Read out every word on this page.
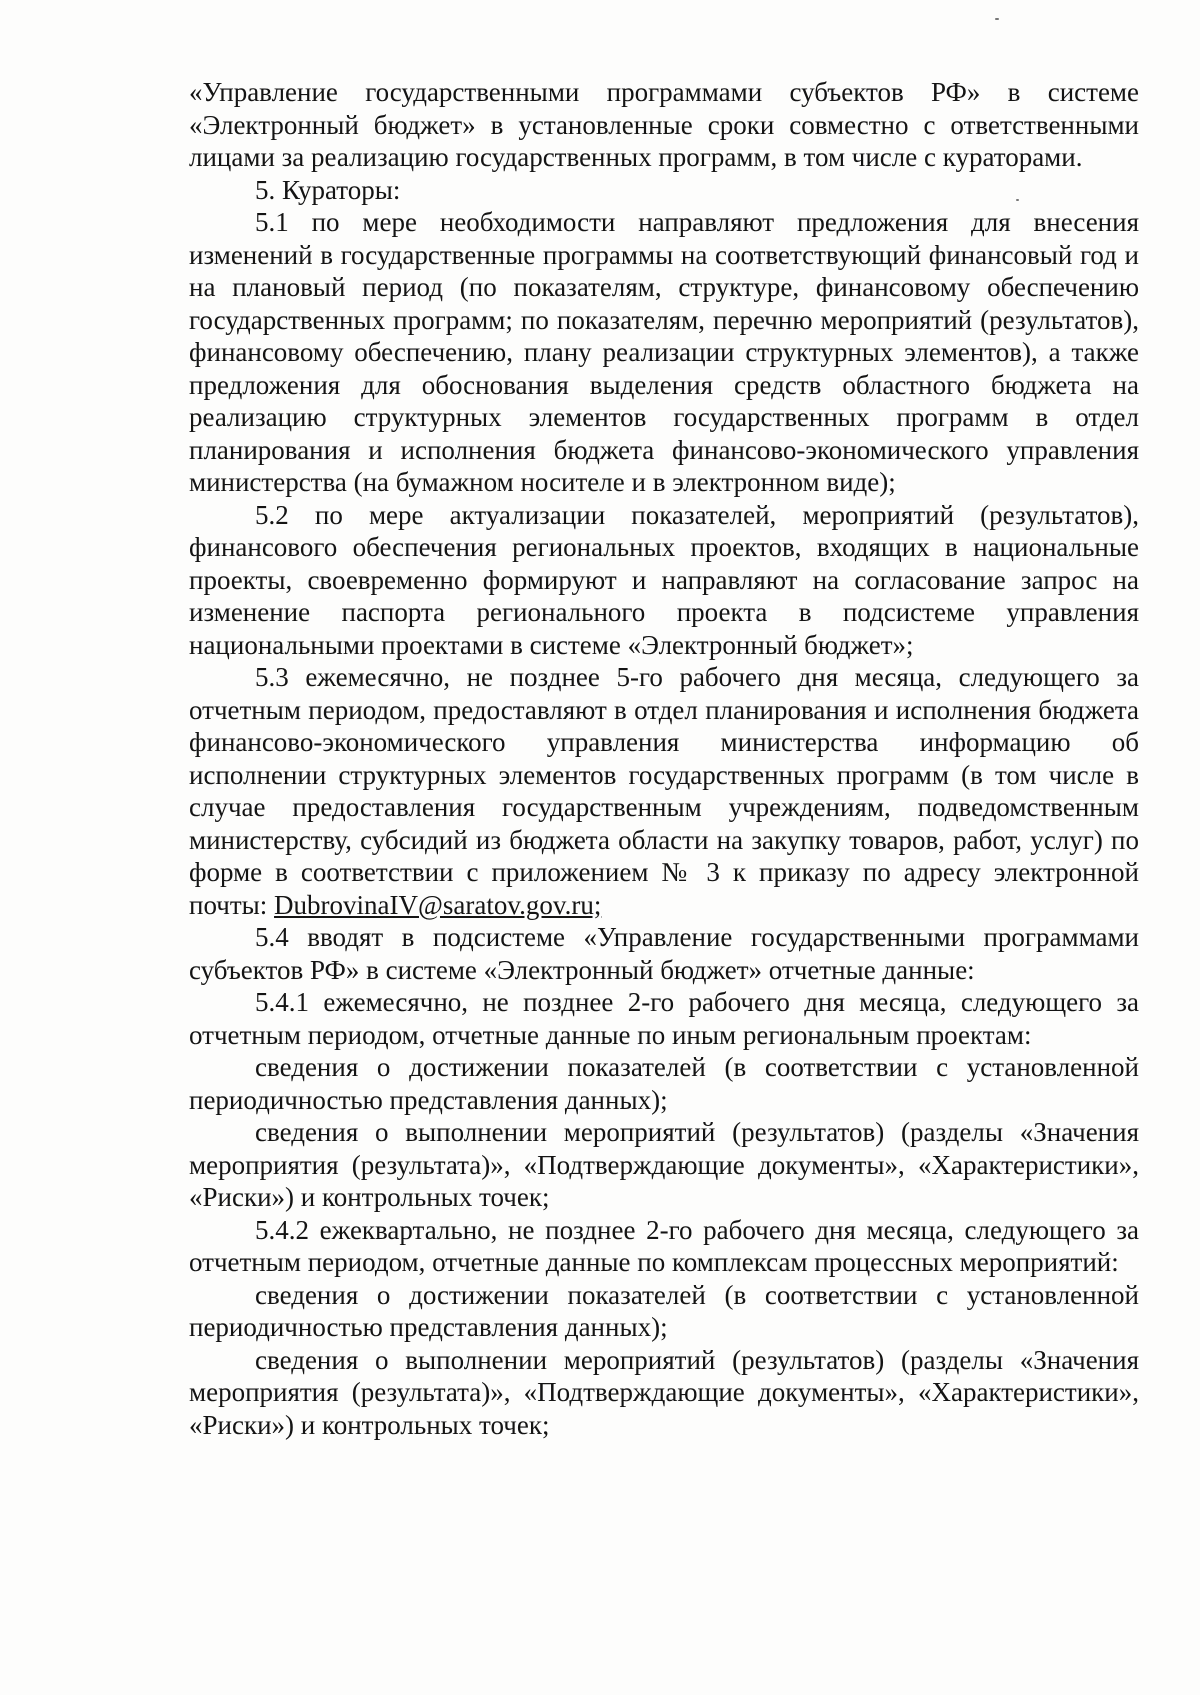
«Управление государственными программами субъектов РФ» в системе «Электронный бюджет» в установленные сроки совместно с ответственными лицами за реализацию государственных программ, в том числе с кураторами.

5. Кураторы:

5.1 по мере необходимости направляют предложения для внесения изменений в государственные программы на соответствующий финансовый год и на плановый период (по показателям, структуре, финансовому обеспечению государственных программ; по показателям, перечню мероприятий (результатов), финансовому обеспечению, плану реализации структурных элементов), а также предложения для обоснования выделения средств областного бюджета на реализацию структурных элементов государственных программ в отдел планирования и исполнения бюджета финансово-экономического управления министерства (на бумажном носителе и в электронном виде);

5.2 по мере актуализации показателей, мероприятий (результатов), финансового обеспечения региональных проектов, входящих в национальные проекты, своевременно формируют и направляют на согласование запрос на изменение паспорта регионального проекта в подсистеме управления национальными проектами в системе «Электронный бюджет»;

5.3 ежемесячно, не позднее 5-го рабочего дня месяца, следующего за отчетным периодом, предоставляют в отдел планирования и исполнения бюджета финансово-экономического управления министерства информацию об исполнении структурных элементов государственных программ (в том числе в случае предоставления государственным учреждениям, подведомственным министерству, субсидий из бюджета области на закупку товаров, работ, услуг) по форме в соответствии с приложением № 3 к приказу по адресу электронной почты: DubrovinaIV@saratov.gov.ru;

5.4 вводят в подсистеме «Управление государственными программами субъектов РФ» в системе «Электронный бюджет» отчетные данные:

5.4.1 ежемесячно, не позднее 2-го рабочего дня месяца, следующего за отчетным периодом, отчетные данные по иным региональным проектам:

сведения о достижении показателей (в соответствии с установленной периодичностью представления данных);

сведения о выполнении мероприятий (результатов) (разделы «Значения мероприятия (результата)», «Подтверждающие документы», «Характеристики», «Риски») и контрольных точек;

5.4.2 ежеквартально, не позднее 2-го рабочего дня месяца, следующего за отчетным периодом, отчетные данные по комплексам процессных мероприятий:

сведения о достижении показателей (в соответствии с установленной периодичностью представления данных);

сведения о выполнении мероприятий (результатов) (разделы «Значения мероприятия (результата)», «Подтверждающие документы», «Характеристики», «Риски») и контрольных точек;
